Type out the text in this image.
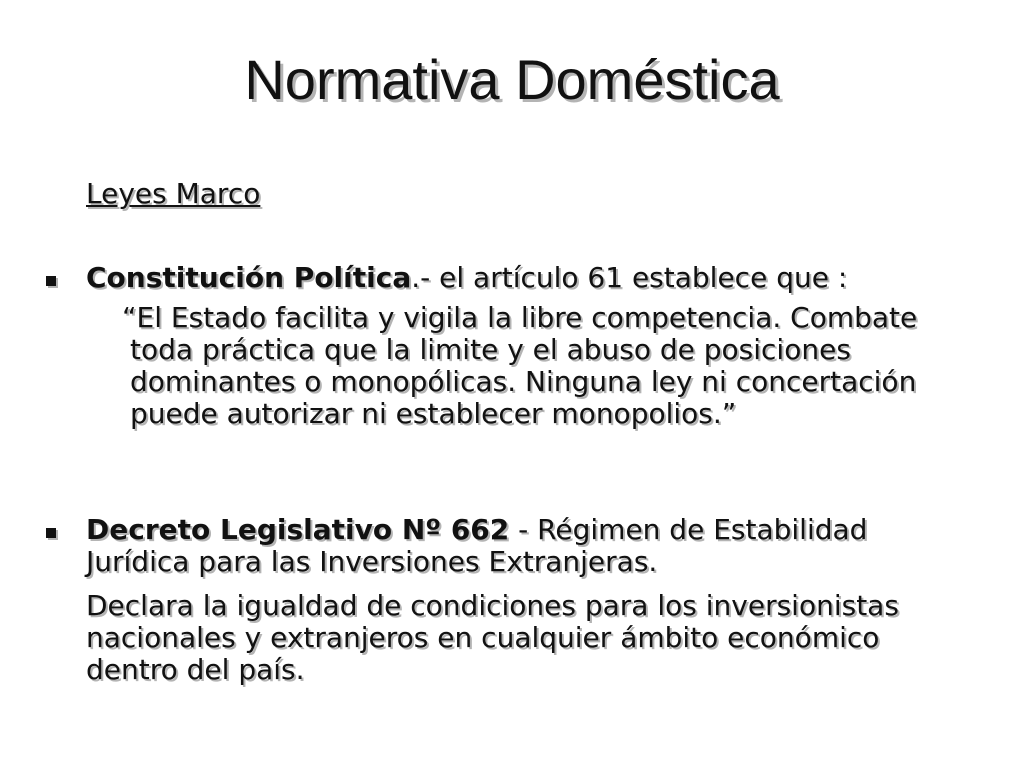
Normativa Doméstica
Leyes Marco
Constitución Política.- el artículo 61 establece que :
“El Estado facilita y vigila la libre competencia. Combate toda práctica que la limite y el abuso de posiciones dominantes o monopólicas. Ninguna ley ni concertación puede autorizar ni establecer monopolios.”
Decreto Legislativo Nº 662 - Régimen de Estabilidad Jurídica para las Inversiones Extranjeras.
Declara la igualdad de condiciones para los inversionistas nacionales y extranjeros en cualquier ámbito económico dentro del país.
